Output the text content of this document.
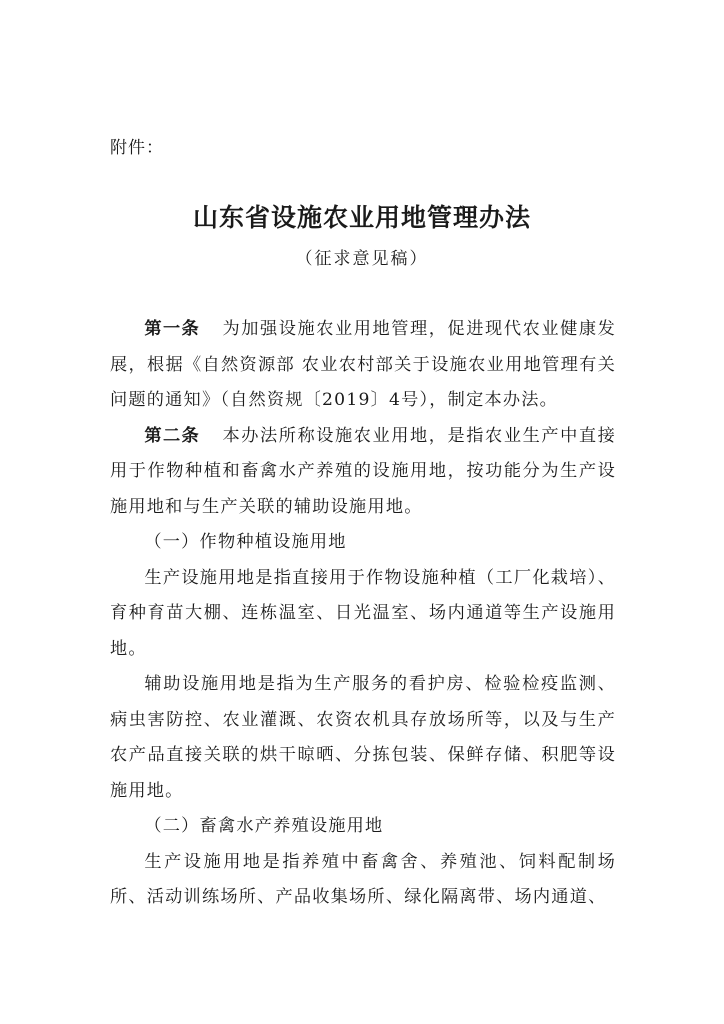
附件：
山东省设施农业用地管理办法
（征求意见稿）

第一条 为加强设施农业用地管理，促进现代农业健康发展，根据《自然资源部 农业农村部关于设施农业用地管理有关问题的通知》（自然资规〔2019〕4号），制定本办法。

第二条 本办法所称设施农业用地，是指农业生产中直接用于作物种植和畜禽水产养殖的设施用地，按功能分为生产设施用地和与生产关联的辅助设施用地。

（一）作物种植设施用地

生产设施用地是指直接用于作物设施种植（工厂化栽培）、育种育苗大棚、连栋温室、日光温室、场内通道等生产设施用地。

辅助设施用地是指为生产服务的看护房、检验检疫监测、病虫害防控、农业灌溉、农资农机具存放场所等，以及与生产农产品直接关联的烘干晾晒、分拣包装、保鲜存储、积肥等设施用地。

（二）畜禽水产养殖设施用地

生产设施用地是指养殖中畜禽舍、养殖池、饲料配制场所、活动训练场所、产品收集场所、绿化隔离带、场内通道、
